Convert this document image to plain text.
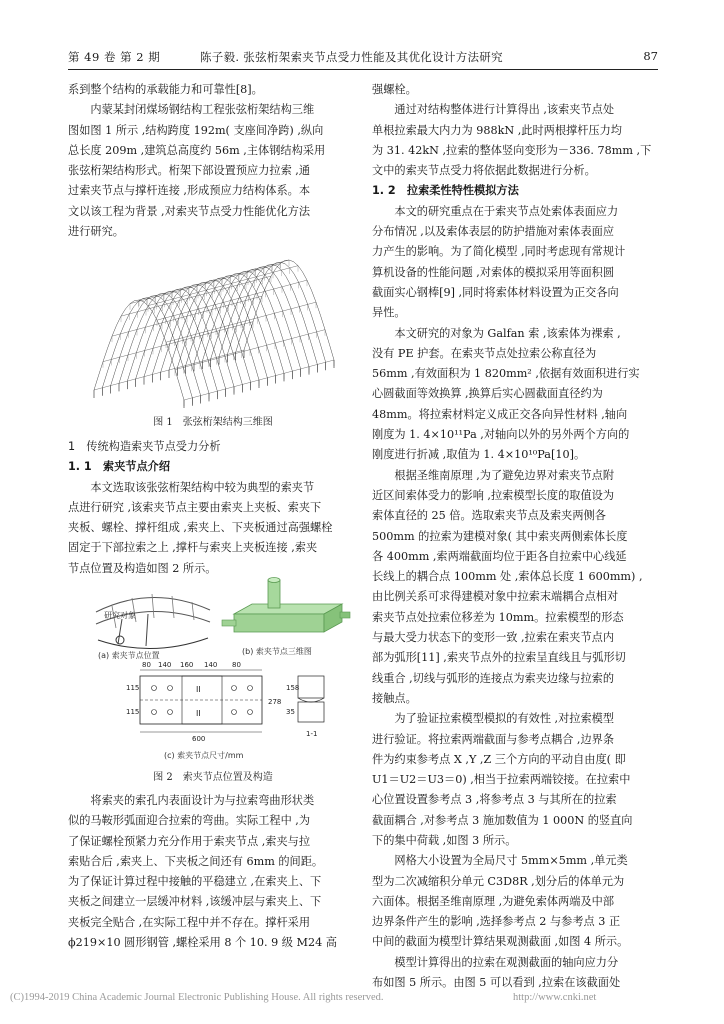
第 49 卷 第 2 期	陈子毅. 张弦桁架索夹节点受力性能及其优化设计方法研究	87
系到整个结构的承载能力和可靠性[8]。
　　内蒙某封闭煤场钢结构工程张弦桁架结构三维
图如图 1 所示 ,结构跨度 192m( 支座间净跨) ,纵向
总长度 209m ,建筑总高度约 56m ,主体钢结构采用
张弦桁架结构形式。桁架下部设置预应力拉索 ,通
过索夹节点与撑杆连接 ,形成预应力结构体系。本
文以该工程为背景 ,对索夹节点受力性能优化方法
进行研究。
图 1　张弦桁架结构三维图
1　传统构造索夹节点受力分析
1. 1　索夹节点介绍
　　本文选取该张弦桁架结构中较为典型的索夹节
点进行研究 ,该索夹节点主要由索夹上夹板、索夹下
夹板、螺栓、撑杆组成 ,索夹上、下夹板通过高强螺栓
固定于下部拉索之上 ,撑杆与索夹上夹板连接 ,索夹
节点位置及构造如图 2 所示。
研究对象
(a) 索夹节点位置	(b) 索夹节点三维图
80 140 160 140 80
II
II
115
115
600
278
158
35
1-1
(c) 索夹节点尺寸/mm
图 2　索夹节点位置及构造
　　将索夹的索孔内表面设计为与拉索弯曲形状类
似的马鞍形弧面迎合拉索的弯曲。实际工程中 ,为
了保证螺栓预紧力充分作用于索夹节点 ,索夹与拉
索贴合后 ,索夹上、下夹板之间还有 6mm 的间距。
为了保证计算过程中接触的平稳建立 ,在索夹上、下
夹板之间建立一层缓冲材料 ,该缓冲层与索夹上、下
夹板完全贴合 ,在实际工程中并不存在。撑杆采用
ϕ219×10 圆形钢管 ,螺栓采用 8 个 10. 9 级 M24 高
强螺栓。
　　通过对结构整体进行计算得出 ,该索夹节点处
单根拉索最大内力为 988kN ,此时两根撑杆压力均
为 31. 42kN ,拉索的整体竖向变形为－336. 78mm ,下
文中的索夹节点受力将依据此数据进行分析。
1. 2　拉索柔性特性模拟方法
　　本文的研究重点在于索夹节点处索体表面应力
分布情况 ,以及索体表层的防护措施对索体表面应
力产生的影响。为了简化模型 ,同时考虑现有常规计
算机设备的性能问题 ,对索体的模拟采用等面积圆
截面实心钢棒[9] ,同时将索体材料设置为正交各向
异性。
　　本文研究的对象为 Galfan 索 ,该索体为裸索 ,
没有 PE 护套。在索夹节点处拉索公称直径为
56mm ,有效面积为 1 820mm² ,依据有效面积进行实
心圆截面等效换算 ,换算后实心圆截面直径约为
48mm。将拉索材料定义成正交各向异性材料 ,轴向
刚度为 1. 4×10¹¹Pa ,对轴向以外的另外两个方向的
刚度进行折减 ,取值为 1. 4×10¹⁰Pa[10]。
　　根据圣维南原理 ,为了避免边界对索夹节点附
近区间索体受力的影响 ,拉索模型长度的取值设为
索体直径的 25 倍。选取索夹节点及索夹两侧各
500mm 的拉索为建模对象( 其中索夹两侧索体长度
各 400mm ,索两端截面均位于距各自拉索中心线延
长线上的耦合点 100mm 处 ,索体总长度 1 600mm) ,
由比例关系可求得建模对象中拉索末端耦合点相对
索夹节点处拉索位移差为 10mm。拉索模型的形态
与最大受力状态下的变形一致 ,拉索在索夹节点内
部为弧形[11] ,索夹节点外的拉索呈直线且与弧形切
线重合 ,切线与弧形的连接点为索夹边缘与拉索的
接触点。
　　为了验证拉索模型模拟的有效性 ,对拉索模型
进行验证。将拉索两端截面与参考点耦合 ,边界条
件为约束参考点 X ,Y ,Z 三个方向的平动自由度( 即
U1＝U2＝U3＝0) ,相当于拉索两端铰接。在拉索中
心位置设置参考点 3 ,将参考点 3 与其所在的拉索
截面耦合 ,对参考点 3 施加数值为 1 000N 的竖直向
下的集中荷载 ,如图 3 所示。
　　网格大小设置为全局尺寸 5mm×5mm ,单元类
型为二次减缩积分单元 C3D8R ,划分后的体单元为
六面体。根据圣维南原理 ,为避免索体两端及中部
边界条件产生的影响 ,选择参考点 2 与参考点 3 正
中间的截面为模型计算结果观测截面 ,如图 4 所示。
　　模型计算得出的拉索在观测截面的轴向应力分
布如图 5 所示。由图 5 可以看到 ,拉索在该截面处
(C)1994-2019 China Academic Journal Electronic Publishing House. All rights reserved.	http://www.cnki.net
